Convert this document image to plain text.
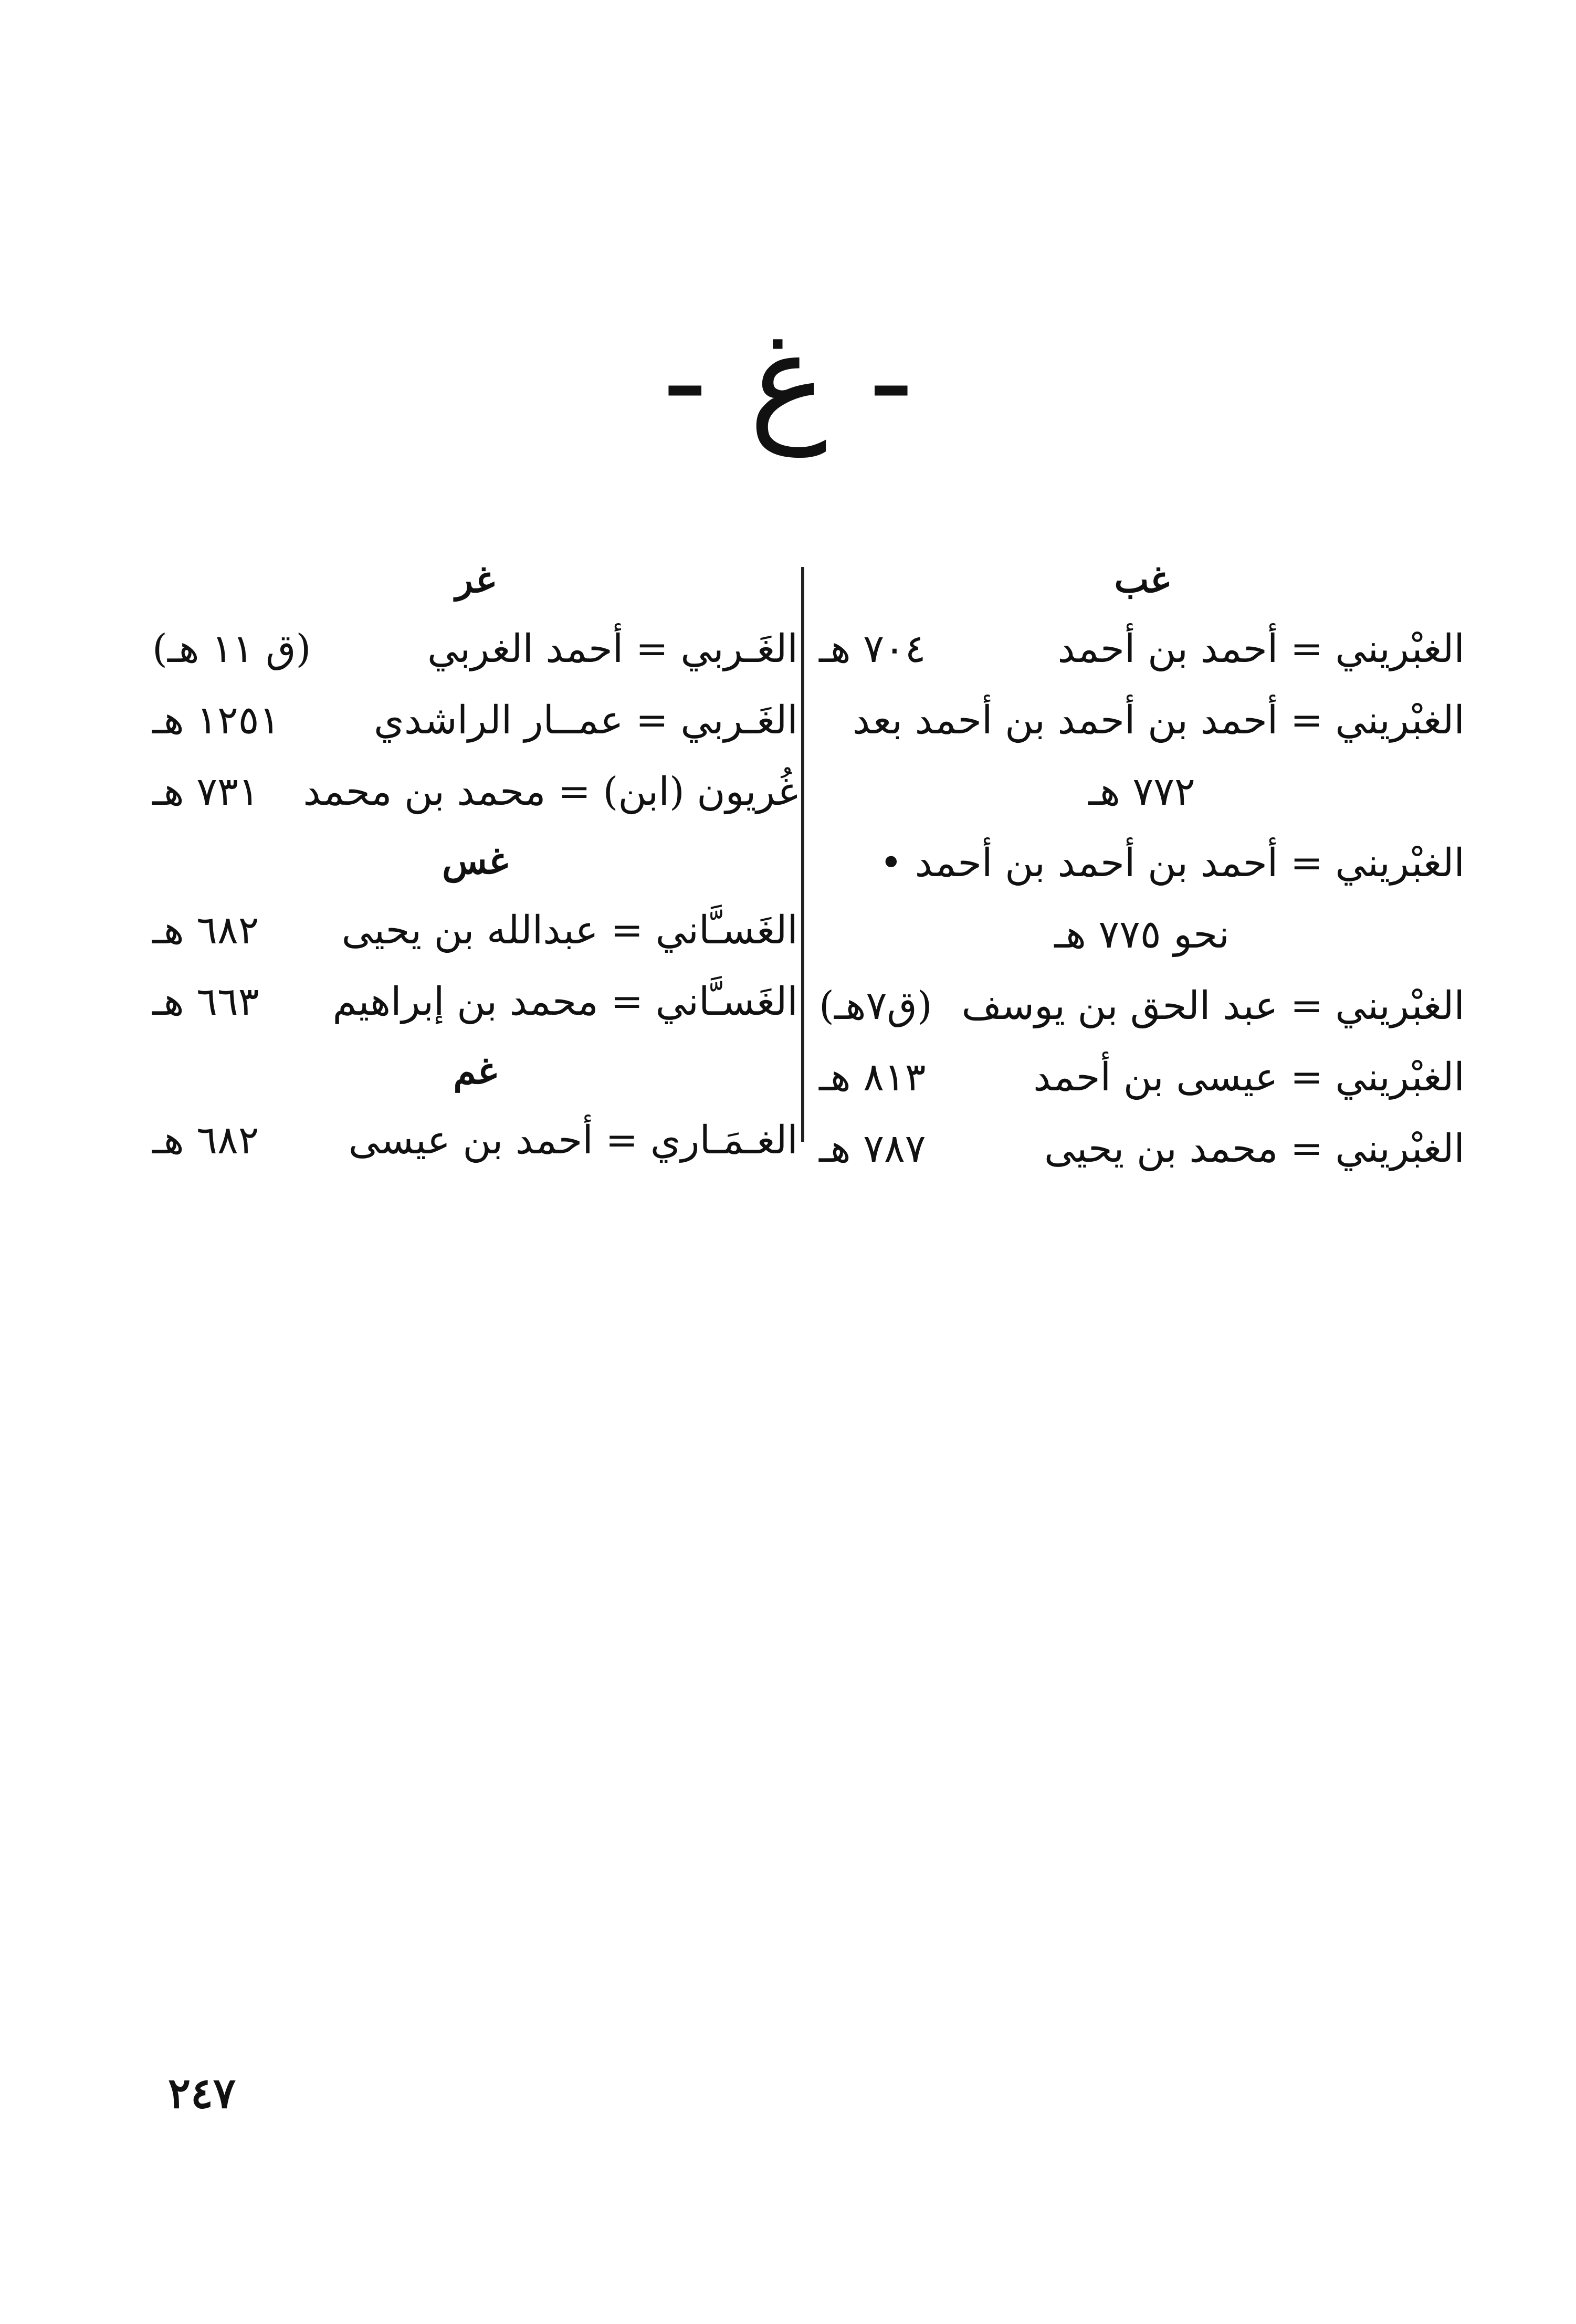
- غ -
غب
الغبْريني = أحمد بن أحمد
٧٠٤ هـ
الغبْريني = أحمد بن أحمد بن أحمد بعد
٧٧٢ هـ
الغبْريني = أحمد بن أحمد بن أحمد •
نحو ٧٧٥ هـ
الغبْريني = عبد الحق بن يوسف
(ق٧هـ)
الغبْريني = عيسى بن أحمد
٨١٣ هـ
الغبْريني = محمد بن يحيى
٧٨٧ هـ
غر
الغَـربي = أحمد الغربي
(ق ١١ هـ)
الغَـربي = عمــار الراشدي
١٢٥١ هـ
غُريون (ابن) = محمد بن محمد
٧٣١ هـ
غس
الغَسـَّاني = عبدالله بن يحيى
٦٨٢ هـ
الغَسـَّاني = محمد بن إبراهيم
٦٦٣ هـ
غم
الغـمَـاري = أحمد بن عيسى
٦٨٢ هـ
٢٤٧
